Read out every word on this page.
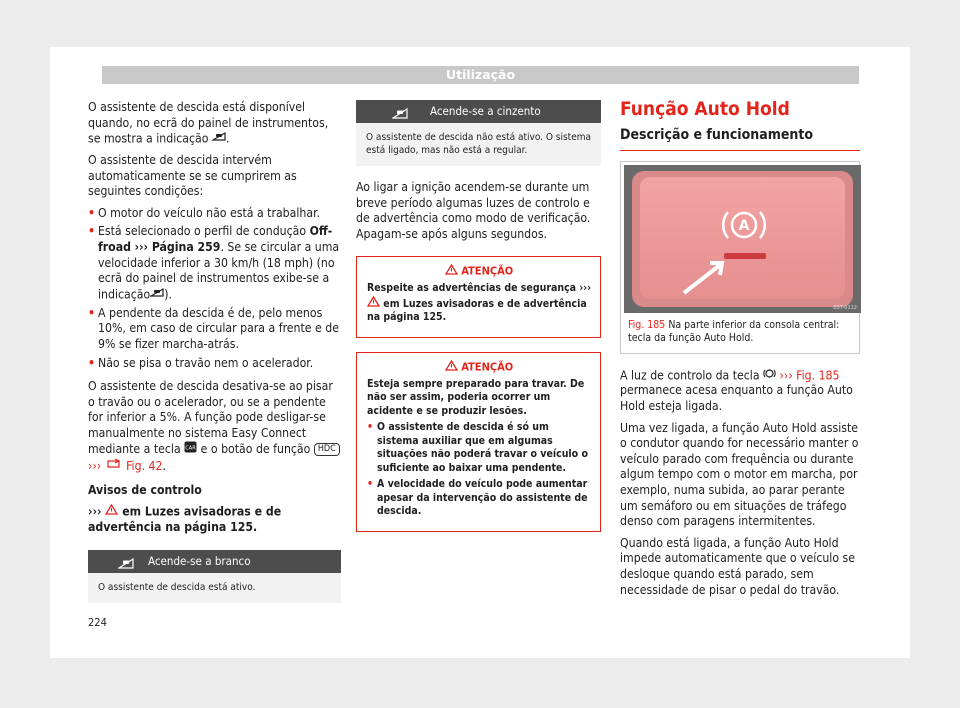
Utilização

O assistente de descida está disponível quando, no ecrã do painel de instrumentos, se mostra a indicação .

O assistente de descida intervém automaticamente se se cumprirem as seguintes condições:

• O motor do veículo não está a trabalhar.
• Está selecionado o perfil de condução Off-froad ››› Página 259. Se se circular a uma velocidade inferior a 30 km/h (18 mph) (no ecrã do painel de instrumentos exibe-se a indicação ).
• A pendente da descida é de, pelo menos 10%, em caso de circular para a frente e de 9% se fizer marcha-atrás.
• Não se pisa o travão nem o acelerador.

O assistente de descida desativa-se ao pisar o travão ou o acelerador, ou se a pendente for inferior a 5%. A função pode desligar-se manualmente no sistema Easy Connect mediante a tecla CAR e o botão de função HDC
››› Fig. 42.

Avisos de controlo

››› em Luzes avisadoras e de advertência na página 125.

Acende-se a branco
O assistente de descida está ativo.
Acende-se a cinzento
O assistente de descida não está ativo. O sistema está ligado, mas não está a regular.

Ao ligar a ignição acendem-se durante um breve período algumas luzes de controlo e de advertência como modo de verificação. Apagam-se após alguns segundos.

ATENÇÃO

Respeite as advertências de segurança ›››  em Luzes avisadoras e de advertência na página 125.

ATENÇÃO

Esteja sempre preparado para travar. De não ser assim, poderia ocorrer um acidente e se produzir lesões.

• O assistente de descida é só um sistema auxiliar que em algumas situações não poderá travar o veículo o suficiente ao baixar uma pendente.
• A velocidade do veículo pode aumentar apesar da intervenção do assistente de descida.
Função Auto Hold
Descrição e funcionamento
A
B5T-0112
Fig. 185 Na parte inferior da consola central: tecla da função Auto Hold.

A luz de controlo da tecla ››› Fig. 185 permanece acesa enquanto a função Auto Hold esteja ligada.

Uma vez ligada, a função Auto Hold assiste o condutor quando for necessário manter o veículo parado com frequência ou durante algum tempo com o motor em marcha, por exemplo, numa subida, ao parar perante um semáforo ou em situações de tráfego denso com paragens intermitentes.

Quando está ligada, a função Auto Hold impede automaticamente que o veículo se desloque quando está parado, sem necessidade de pisar o pedal do travão.

224
